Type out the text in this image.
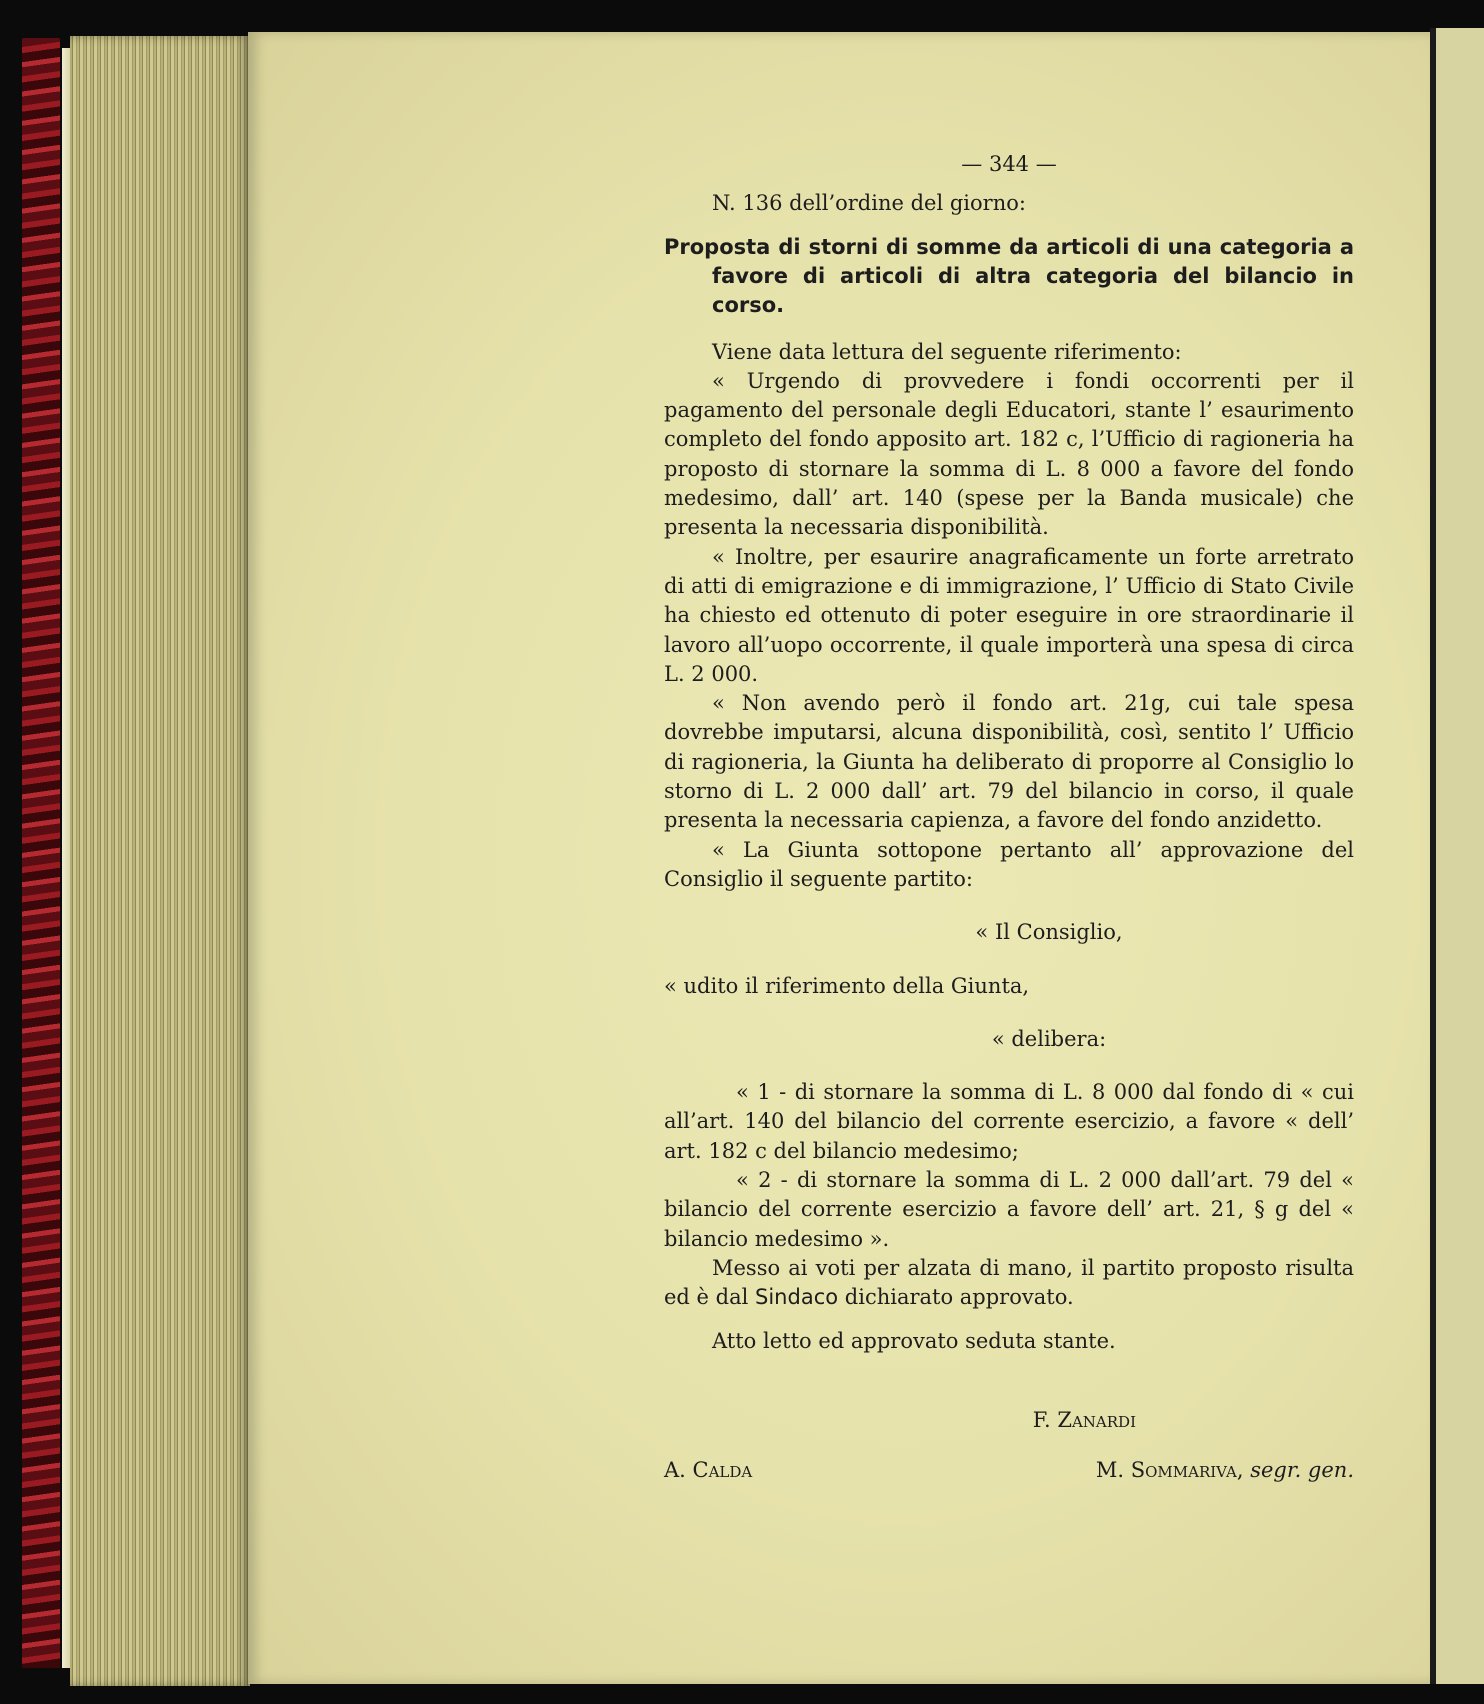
— 344 —

N. 136 dell’ordine del giorno:

Proposta di storni di somme da articoli di una categoria a favore di articoli di altra categoria del bilancio in corso.

Viene data lettura del seguente riferimento:

« Urgendo di provvedere i fondi occorrenti per il pagamento del personale degli Educatori, stante l’ esaurimento completo del fondo apposito art. 182 c, l’Ufficio di ragioneria ha proposto di stornare la somma di L. 8 000 a favore del fondo medesimo, dall’ art. 140 (spese per la Banda musicale) che presenta la necessaria disponibilità.

« Inoltre, per esaurire anagraficamente un forte arretrato di atti di emigrazione e di immigrazione, l’ Ufficio di Stato Civile ha chiesto ed ottenuto di poter eseguire in ore straordinarie il lavoro all’uopo occorrente, il quale importerà una spesa di circa L. 2 000.

« Non avendo però il fondo art. 21g, cui tale spesa dovrebbe imputarsi, alcuna disponibilità, così, sentito l’ Ufficio di ragioneria, la Giunta ha deliberato di proporre al Consiglio lo storno di L. 2 000 dall’ art. 79 del bilancio in corso, il quale presenta la necessaria capienza, a favore del fondo anzidetto.

« La Giunta sottopone pertanto all’ approvazione del Consiglio il seguente partito:

« Il Consiglio,

« udito il riferimento della Giunta,

« delibera:

« 1 - di stornare la somma di L. 8 000 dal fondo di « cui all’art. 140 del bilancio del corrente esercizio, a favore « dell’ art. 182 c del bilancio medesimo;

« 2 - di stornare la somma di L. 2 000 dall’art. 79 del « bilancio del corrente esercizio a favore dell’ art. 21, § g del « bilancio medesimo ».

Messo ai voti per alzata di mano, il partito proposto risulta ed è dal Sindaco dichiarato approvato.

Atto letto ed approvato seduta stante.

F. Zanardi

A. Calda	M. Sommariva, segr. gen.
